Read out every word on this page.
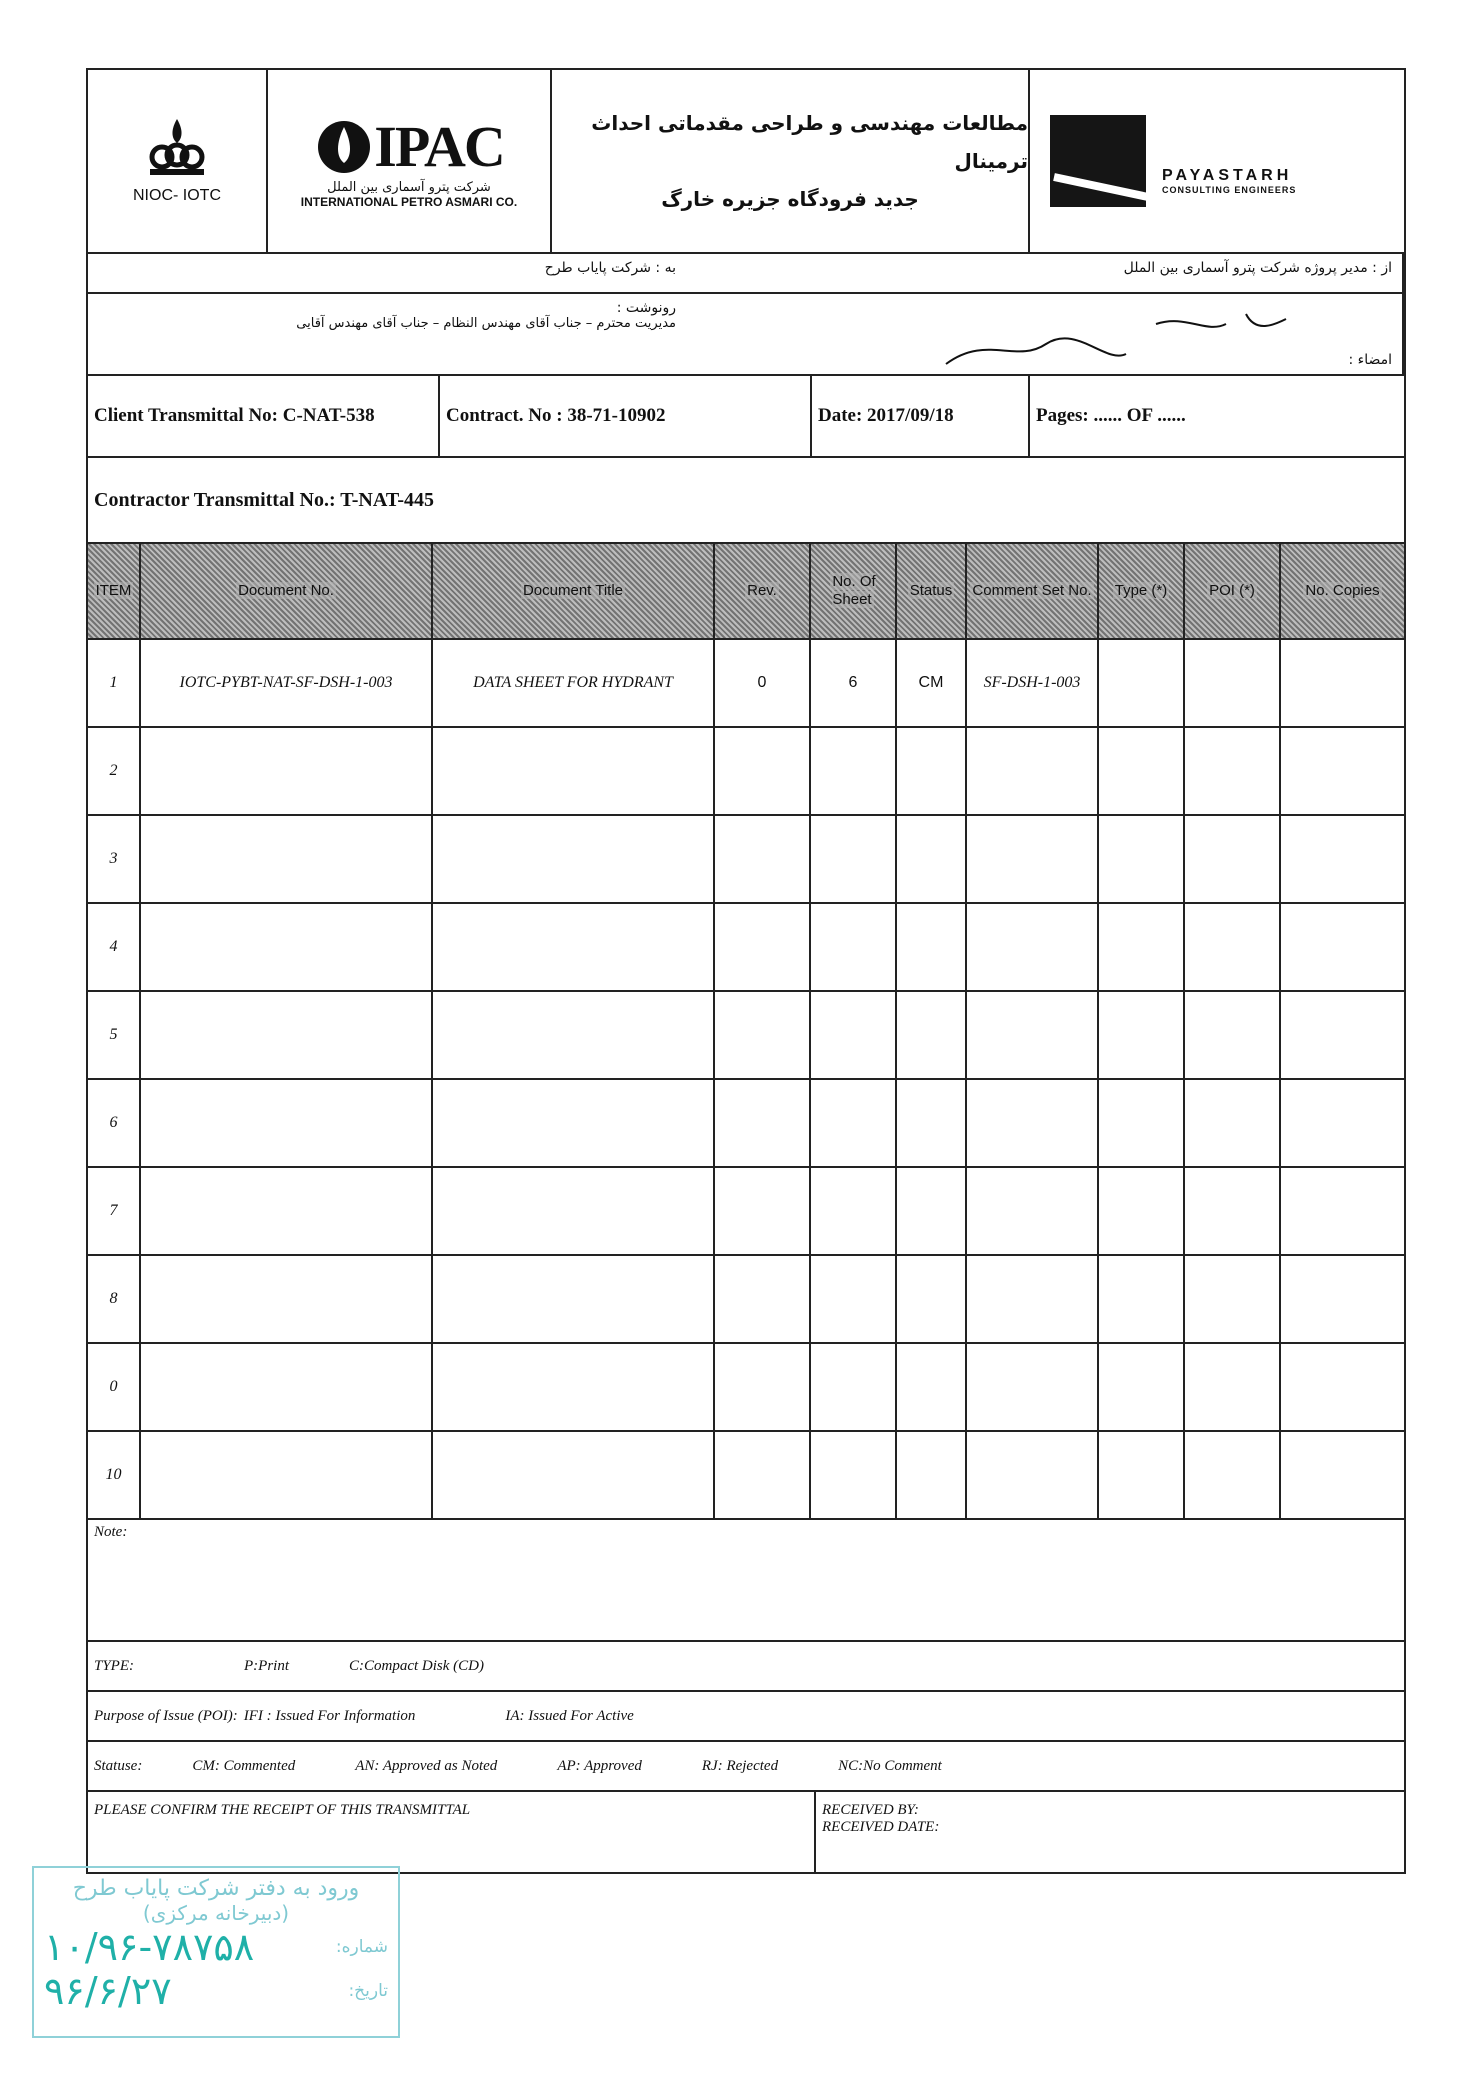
NIOC- IOTC
IPAC
شرکت پترو آسماری بین الملل
INTERNATIONAL PETRO ASMARI CO.
مطالعات مهندسی و طراحی مقدماتی احداث ترمینال
جدید فرودگاه جزیره خارگ
PAYASTARH
CONSULTING ENGINEERS
از : مدیر پروژه شرکت پترو آسماری بین الملل
به : شرکت پایاب طرح
امضاء :
رونوشت :
مدیریت محترم – جناب آقای مهندس النظام – جناب آقای مهندس آقایی
Client Transmittal No: C-NAT-538	Contract. No : 38-71-10902	Date: 2017/09/18	Pages: ...... OF ......
Contractor Transmittal No.: T-NAT-445
ITEM	Document No.	Document Title	Rev.	No. Of Sheet	Status	Comment Set No.	Type (*)	POI (*)	No. Copies
1	IOTC-PYBT-NAT-SF-DSH-1-003	DATA SHEET FOR HYDRANT	0	6	CM	SF-DSH-1-003			
2									
3									
4									
5									
6									
7									
8									
0									
10									
Note:
TYPE:	P:Print	C:Compact Disk (CD)
Purpose of Issue (POI): IFI : Issued For Information	IA: Issued For Active
Statuse:	CM: Commented	AN: Approved as Noted	AP: Approved	RJ: Rejected	NC:No Comment
PLEASE CONFIRM THE RECEIPT OF THIS TRANSMITTAL	RECEIVED BY:
RECEIVED DATE:
ورود به دفتر شرکت پایاب طرح
(دبیرخانه مرکزی)
شماره:
۱۰/۹۶-۷۸۷۵۸
تاریخ:
۹۶/۶/۲۷
